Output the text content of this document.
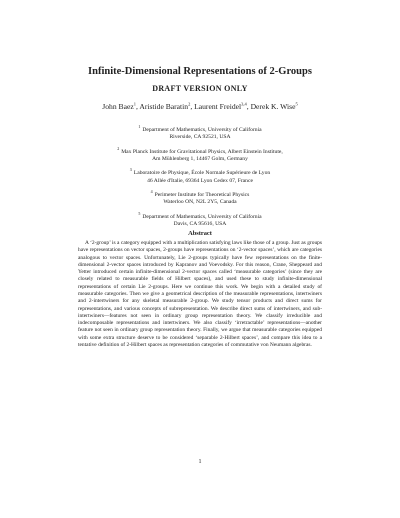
Infinite-Dimensional Representations of 2-Groups
DRAFT VERSION ONLY
John Baez$^1$, Aristide Baratin$^2$, Laurent Freidel$^{3,4}$, Derek K. Wise$^5$
$^1$Department of Mathematics, University of California
Riverside, CA 92521, USA
$^2$Max Planck Institute for Gravitational Physics, Albert Einstein Institute,
Am Mühlenberg 1, 14467 Golm, Germany
$^3$Laboratoire de Physique, École Normale Supérieure de Lyon
46 Allée d'Italie, 69364 Lyon Cedex 07, France
$^4$Perimeter Institute for Theoretical Physics
Waterloo ON, N2L 2Y5, Canada
$^5$Department of Mathematics, University of California
Davis, CA 95616, USA
Abstract

A ‘2-group’ is a category equipped with a multiplication satisfying laws like those of a group. Just as groups have representations on vector spaces, 2-groups have representations on ‘2-vector spaces’, which are categories analogous to vector spaces. Unfortunately, Lie 2-groups typically have few representations on the finite-dimensional 2-vector spaces introduced by Kapranov and Voevodsky. For this reason, Crane, Sheppeard and Yetter introduced certain infinite-dimensional 2-vector spaces called ‘measurable categories’ (since they are closely related to measurable fields of Hilbert spaces), and used these to study infinite-dimensional representations of certain Lie 2-groups. Here we continue this work. We begin with a detailed study of measurable categories. Then we give a geometrical description of the measurable representations, intertwiners and 2-intertwiners for any skeletal measurable 2-group. We study tensor products and direct sums for representations, and various concepts of subrepresentation. We describe direct sums of intertwiners, and sub-intertwiners—features not seen in ordinary group representation theory. We classify irreducible and indecomposable representations and intertwiners. We also classify ‘irretractable’ representations—another feature not seen in ordinary group representation theory. Finally, we argue that measurable categories equipped with some extra structure deserve to be considered ‘separable 2-Hilbert spaces’, and compare this idea to a tentative definition of 2-Hilbert spaces as representation categories of commutative von Neumann algebras.

1
